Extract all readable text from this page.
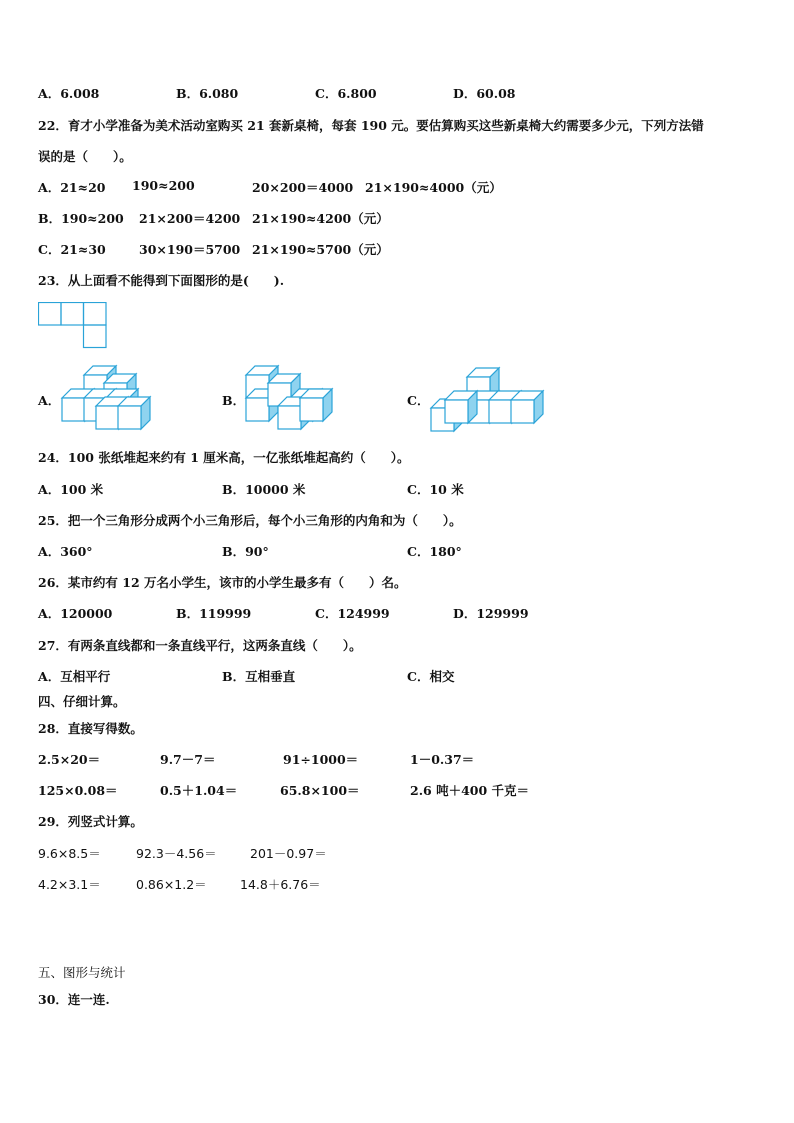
A．6.008	B．6.080	C．6.800	D．60.08
22．育才小学准备为美术活动室购买 21 套新桌椅，每套 190 元。要估算购买这些新桌椅大约需要多少元，下列方法错
误的是（　　）。
A．21≈20 190≈200	20×200＝4000 21×190≈4000（元）
B．190≈200 21×200＝4200 21×190≈4200（元）
C．21≈30	30×190＝5700 21×190≈5700（元）
23．从上面看不能得到下面图形的是(　　).
A．	B．	C．
24．100 张纸堆起来约有 1 厘米高，一亿张纸堆起高约（　　）。
A．100 米	B．10000 米	C．10 米
25．把一个三角形分成两个小三角形后，每个小三角形的内角和为（　　）。
A．360°	B．90°	C．180°
26．某市约有 12 万名小学生，该市的小学生最多有（　　）名。
A．120000	B．119999	C．124999	D．129999
27．有两条直线都和一条直线平行，这两条直线（　　）。
A．互相平行	B．互相垂直	C．相交
四、仔细计算。
28．直接写得数。
2.5×20＝	9.7－7＝	91÷1000＝	1－0.37＝
125×0.08＝	0.5＋1.04＝	65.8×100＝	2.6 吨＋400 千克＝
29．列竖式计算。
9.6×8.5＝	92.3－4.56＝	201－0.97＝
4.2×3.1＝	0.86×1.2＝	14.8＋6.76＝
五、图形与统计
30．连一连.
